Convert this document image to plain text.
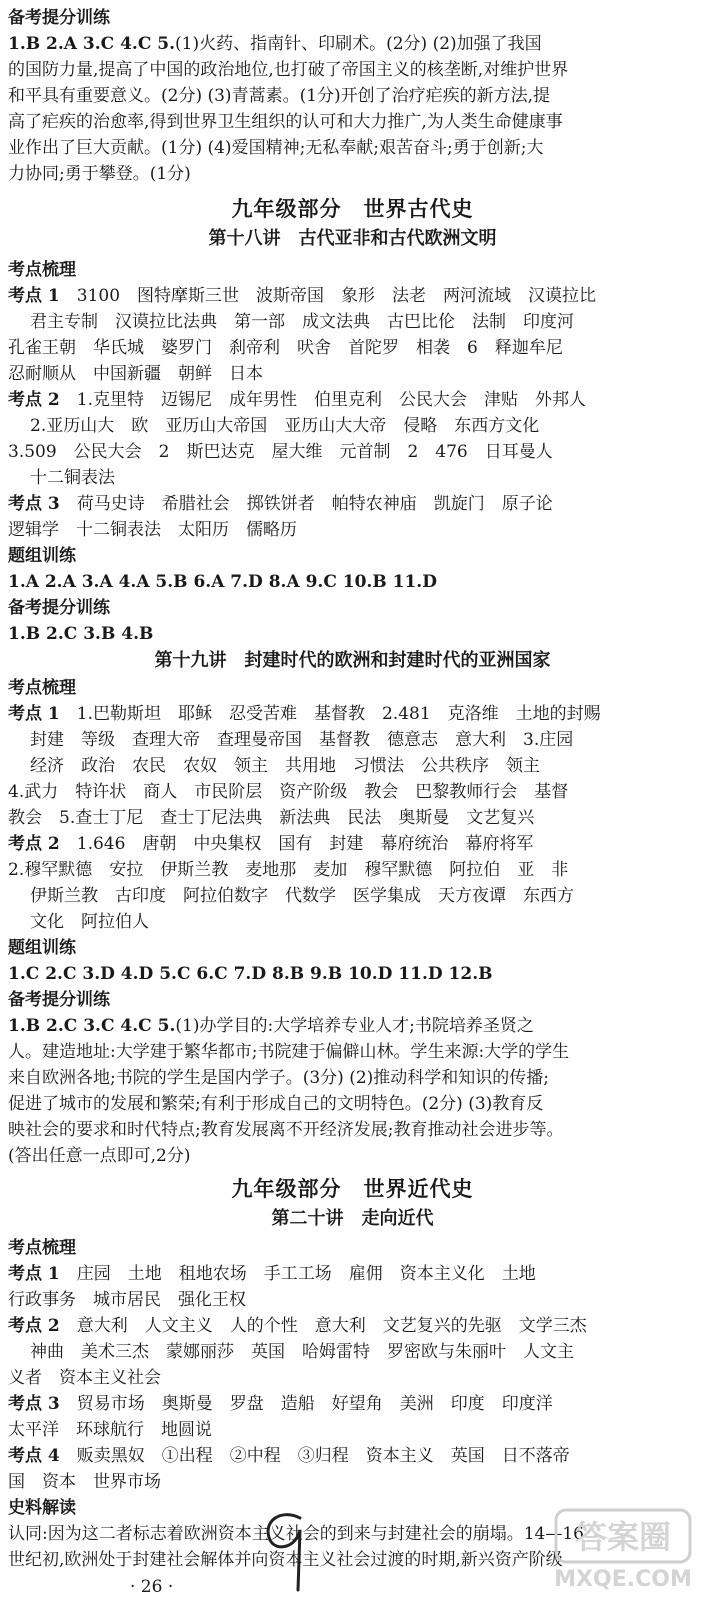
备考提分训练
1.B 2.A 3.C 4.C 5.(1)火药、指南针、印刷术。(2分) (2)加强了我国
的国防力量,提高了中国的政治地位,也打破了帝国主义的核垄断,对维护世界
和平具有重要意义。(2分) (3)青蒿素。(1分)开创了治疗疟疾的新方法,提
高了疟疾的治愈率,得到世界卫生组织的认可和大力推广,为人类生命健康事
业作出了巨大贡献。(1分) (4)爱国精神;无私奉献;艰苦奋斗;勇于创新;大
力协同;勇于攀登。(1分)
九年级部分　世界古代史
第十八讲　古代亚非和古代欧洲文明
考点梳理
考点 1　 3100　图特摩斯三世　波斯帝国　象形　法老　两河流域　汉谟拉比
君主专制　汉谟拉比法典　第一部　成文法典　古巴比伦　法制　印度河
孔雀王朝　华氏城　婆罗门　刹帝利　吠舍　首陀罗　相袭　6　释迦牟尼
忍耐顺从　中国新疆　朝鲜　日本
考点 2　 1.克里特　迈锡尼　成年男性　伯里克利　公民大会　津贴　外邦人
2.亚历山大　欧　亚历山大帝国　亚历山大大帝　侵略　东西方文化
3.509　公民大会　2　斯巴达克　屋大维　元首制　2　476　日耳曼人
十二铜表法
考点 3　 荷马史诗　希腊社会　掷铁饼者　帕特农神庙　凯旋门　原子论
逻辑学　十二铜表法　太阳历　儒略历
题组训练
1.A 2.A 3.A 4.A 5.B 6.A 7.D 8.A 9.C 10.B 11.D
备考提分训练
1.B 2.C 3.B 4.B
第十九讲　封建时代的欧洲和封建时代的亚洲国家
考点梳理
考点 1　 1.巴勒斯坦　耶稣　忍受苦难　基督教　2.481　克洛维　土地的封赐
封建　等级　查理大帝　查理曼帝国　基督教　德意志　意大利　3.庄园
经济　政治　农民　农奴　领主　共用地　习惯法　公共秩序　领主
4.武力　特许状　商人　市民阶层　资产阶级　教会　巴黎教师行会　基督
教会　5.查士丁尼　查士丁尼法典　新法典　民法　奥斯曼　文艺复兴
考点 2　 1.646　唐朝　中央集权　国有　封建　幕府统治　幕府将军
2.穆罕默德　安拉　伊斯兰教　麦地那　麦加　穆罕默德　阿拉伯　亚　非
伊斯兰教　古印度　阿拉伯数字　代数学　医学集成　天方夜谭　东西方
文化　阿拉伯人
题组训练
1.C 2.C 3.D 4.D 5.C 6.C 7.D 8.B 9.B 10.D 11.D 12.B
备考提分训练
1.B 2.C 3.C 4.C 5.(1)办学目的:大学培养专业人才;书院培养圣贤之
人。建造地址:大学建于繁华都市;书院建于偏僻山林。学生来源:大学的学生
来自欧洲各地;书院的学生是国内学子。(3分) (2)推动科学和知识的传播;
促进了城市的发展和繁荣;有利于形成自己的文明特色。(2分) (3)教育反
映社会的要求和时代特点;教育发展离不开经济发展;教育推动社会进步等。
(答出任意一点即可,2分)
九年级部分　世界近代史
第二十讲　走向近代
考点梳理
考点 1　 庄园　土地　租地农场　手工工场　雇佣　资本主义化　土地
行政事务　城市居民　强化王权
考点 2　 意大利　人文主义　人的个性　意大利　文艺复兴的先驱　文学三杰
神曲　美术三杰　蒙娜丽莎　英国　哈姆雷特　罗密欧与朱丽叶　人文主
义者　资本主义社会
考点 3　 贸易市场　奥斯曼　罗盘　造船　好望角　美洲　印度　印度洋
太平洋　环球航行　地圆说
考点 4　 贩卖黑奴　①出程　②中程　③归程　资本主义　英国　日不落帝
国　资本　世界市场
史料解读
认同:因为这二者标志着欧洲资本主义社会的到来与封建社会的崩塌。14—16
世纪初,欧洲处于封建社会解体并向资本主义社会过渡的时期,新兴资产阶级
· 26 ·
答案圈
MXQE.COM
